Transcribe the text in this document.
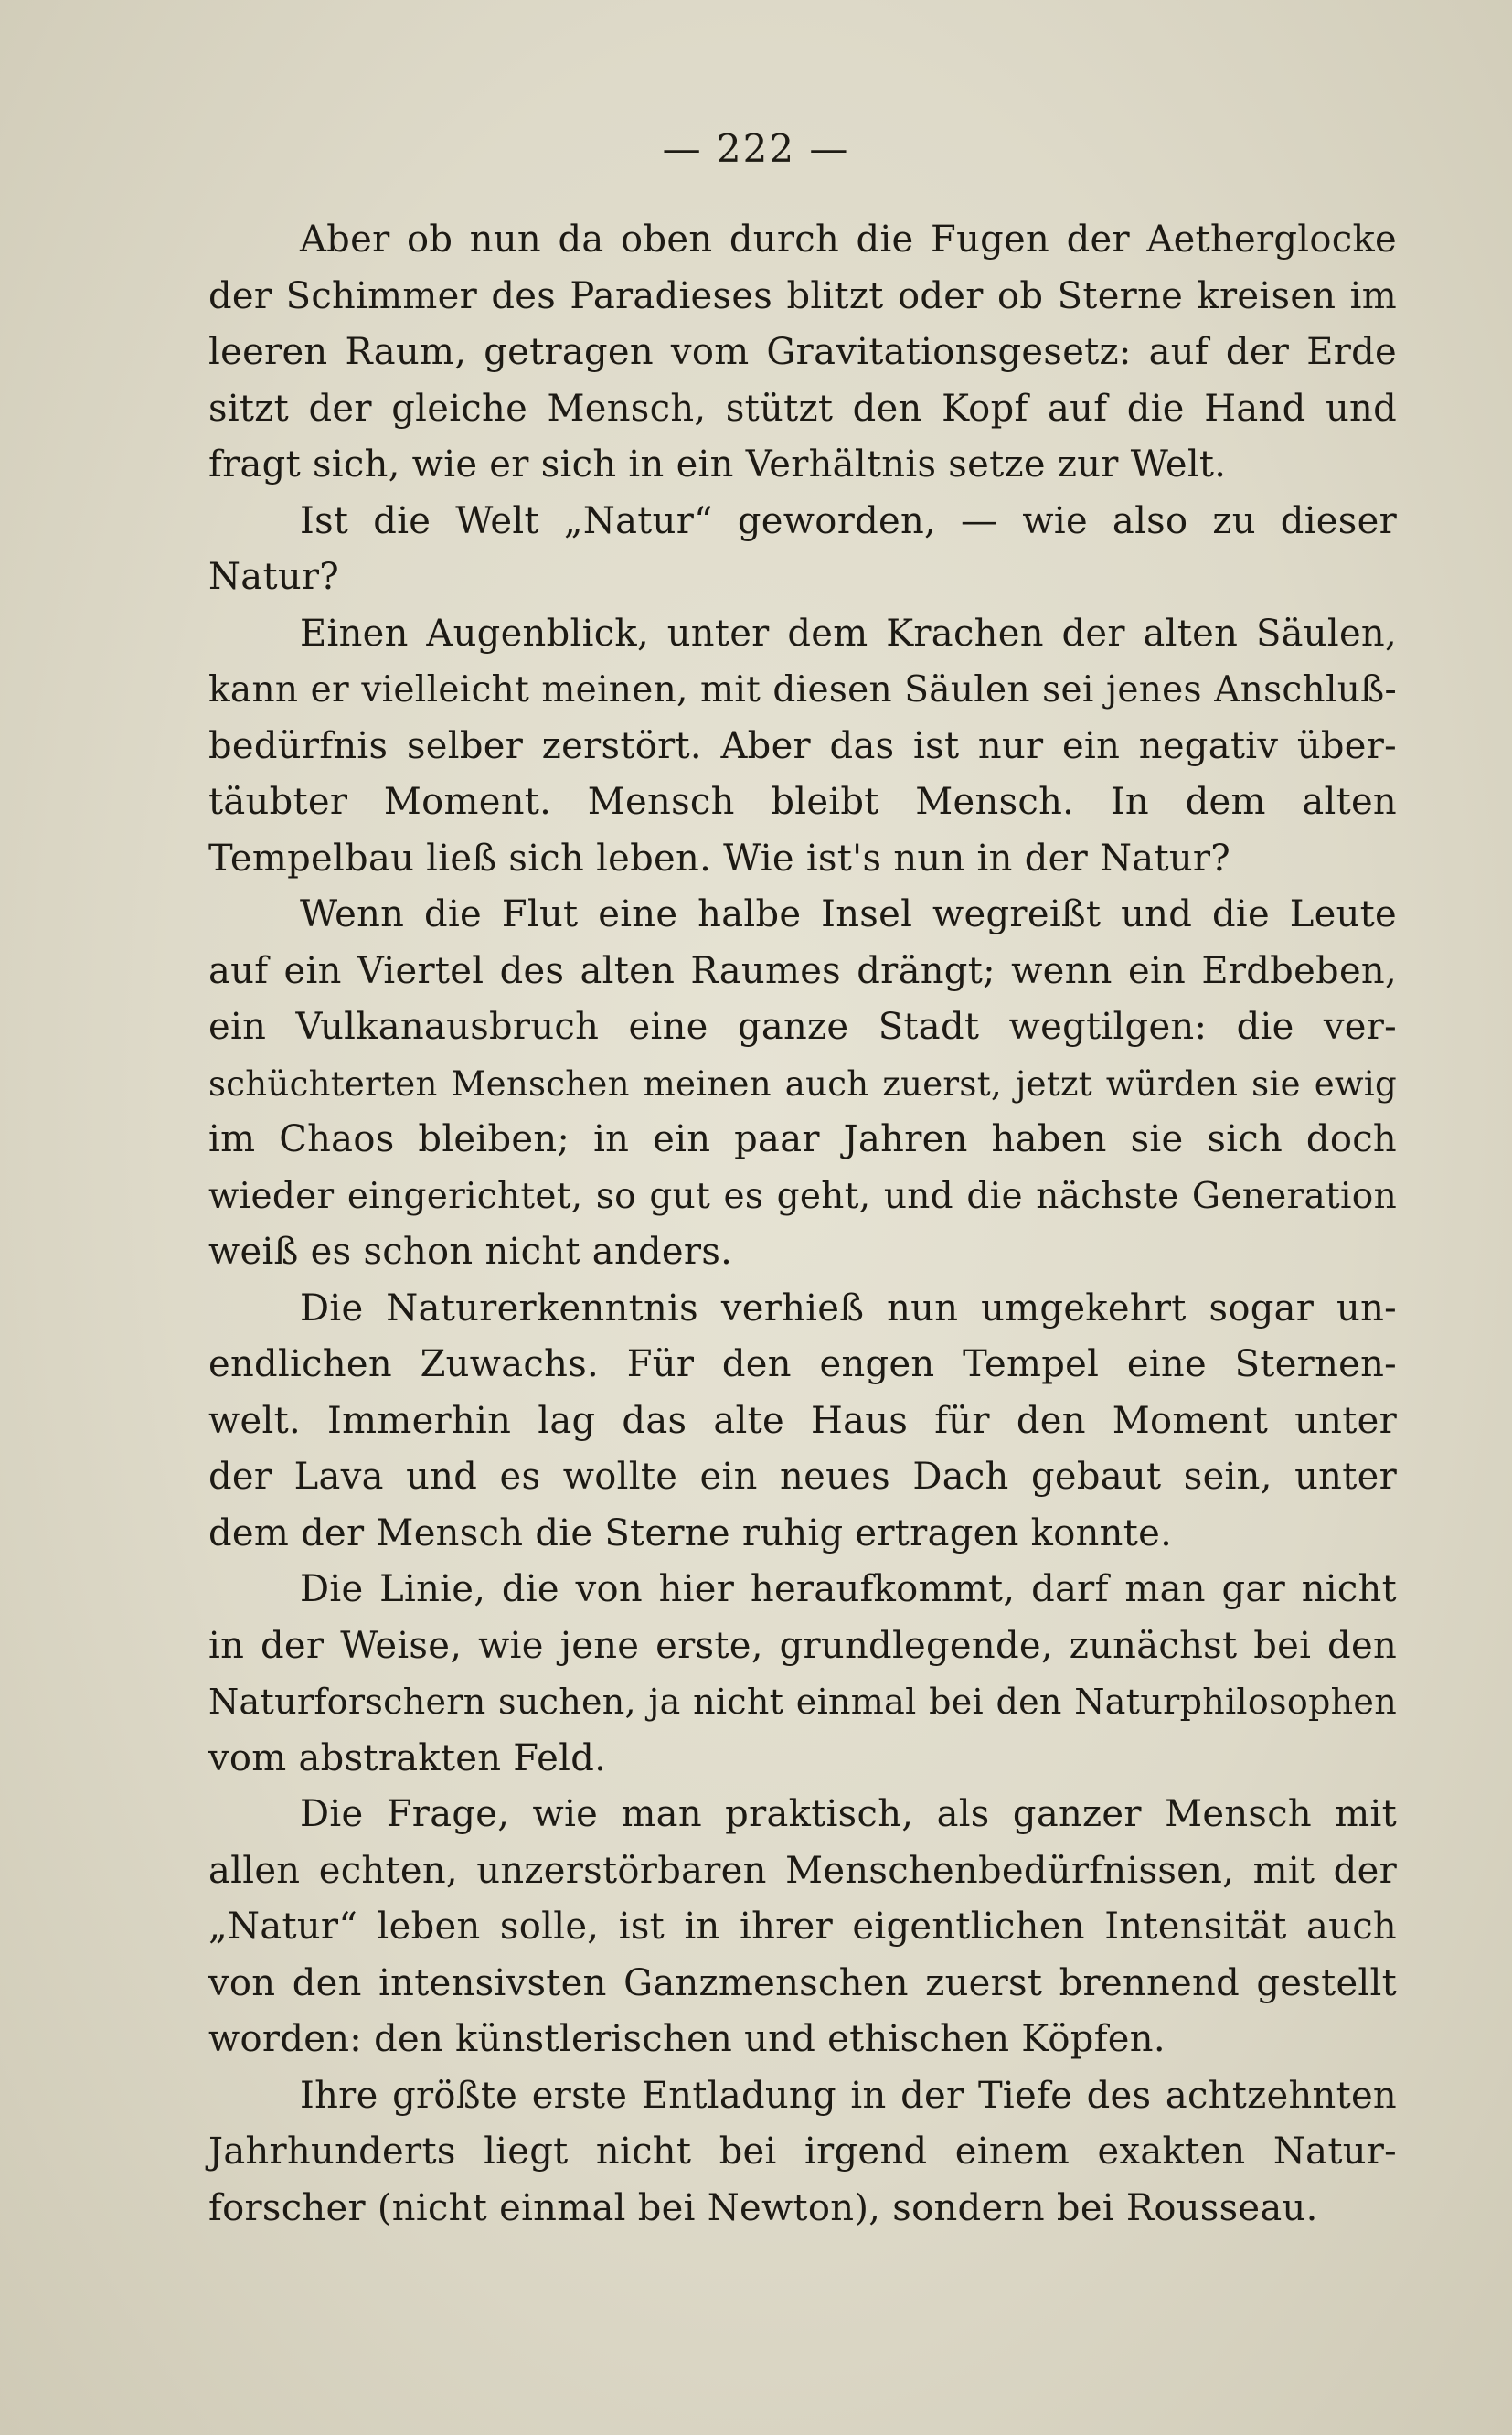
— 222 —
Aber ob nun da oben durch die Fugen der Aetherglocke
der Schimmer des Paradieses blitzt oder ob Sterne kreisen im
leeren Raum, getragen vom Gravitationsgesetz: auf der Erde
sitzt der gleiche Mensch, stützt den Kopf auf die Hand und
fragt sich, wie er sich in ein Verhältnis setze zur Welt.
Ist die Welt „Natur“ geworden, — wie also zu dieser
Natur?
Einen Augenblick, unter dem Krachen der alten Säulen,
kann er vielleicht meinen, mit diesen Säulen sei jenes Anschluß-
bedürfnis selber zerstört. Aber das ist nur ein negativ über-
täubter Moment. Mensch bleibt Mensch. In dem alten
Tempelbau ließ sich leben. Wie ist's nun in der Natur?
Wenn die Flut eine halbe Insel wegreißt und die Leute
auf ein Viertel des alten Raumes drängt; wenn ein Erdbeben,
ein Vulkanausbruch eine ganze Stadt wegtilgen: die ver-
schüchterten Menschen meinen auch zuerst, jetzt würden sie ewig
im Chaos bleiben; in ein paar Jahren haben sie sich doch
wieder eingerichtet, so gut es geht, und die nächste Generation
weiß es schon nicht anders.
Die Naturerkenntnis verhieß nun umgekehrt sogar un-
endlichen Zuwachs. Für den engen Tempel eine Sternen-
welt. Immerhin lag das alte Haus für den Moment unter
der Lava und es wollte ein neues Dach gebaut sein, unter
dem der Mensch die Sterne ruhig ertragen konnte.
Die Linie, die von hier heraufkommt, darf man gar nicht
in der Weise, wie jene erste, grundlegende, zunächst bei den
Naturforschern suchen, ja nicht einmal bei den Naturphilosophen
vom abstrakten Feld.
Die Frage, wie man praktisch, als ganzer Mensch mit
allen echten, unzerstörbaren Menschenbedürfnissen, mit der
„Natur“ leben solle, ist in ihrer eigentlichen Intensität auch
von den intensivsten Ganzmenschen zuerst brennend gestellt
worden: den künstlerischen und ethischen Köpfen.
Ihre größte erste Entladung in der Tiefe des achtzehnten
Jahrhunderts liegt nicht bei irgend einem exakten Natur-
forscher (nicht einmal bei Newton), sondern bei Rousseau.
